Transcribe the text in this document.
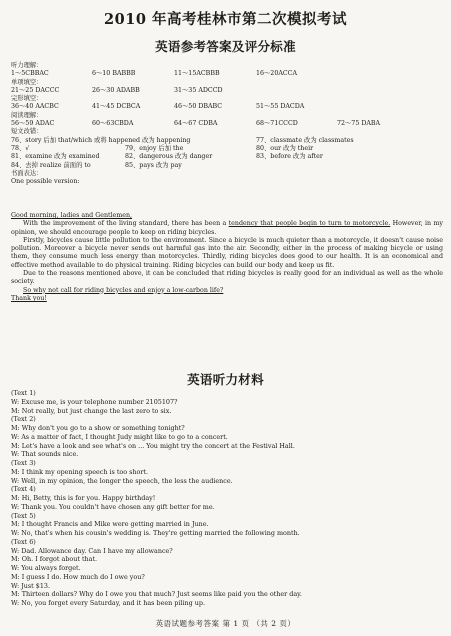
2010 年高考桂林市第二次模拟考试
英语参考答案及评分标准
听力理解：
1～5CBBAC	6～10 BABBB	11～15ACBBB	16～20ACCA
单项填空：
21～25 DACCC	26～30 ADABB	31～35 ADCCD
完形填空：
36～40 AACBC	41～45 DCBCA	46～50 DBABC	51～55 DACDA
阅读理解：
56～59 ADAC	60～63CBDA	64～67 CDBA	68～71CCCD	72～75 DABA
短文改错：
76、story 后加 that/which 或将 happened 改为 happening	77、classmate 改为 classmates
78、√	79、enjoy 后加 the	80、our 改为 their
81、examine 改为 examined	82、dangerous 改为 danger	83、before 改为 after
84、去掉 realize 前面的 to	85、pays 改为 pay
书面表达：
One possible version:
Good morning, ladies and Gentlemen,
With the improvement of the living standard, there has been a tendency that people begin to turn to motorcycle. However, in my opinion, we should encourage people to keep on riding bicycles.
Firstly, bicycles cause little pollution to the environment. Since a bicycle is much quieter than a motorcycle, it doesn't cause noise pollution. Moreover a bicycle never sends out harmful gas into the air. Secondly, either in the process of making bicycle or using them, they consume much less energy than motorcycles. Thirdly, riding bicycles does good to our health. It is an economical and effective method available to do physical training. Riding bicycles can build our body and keep us fit.
Due to the reasons mentioned above, it can be concluded that riding bicycles is really good for an individual as well as the whole society.
So why not call for riding bicycles and enjoy a low-carbon life?
Thank you!
英语听力材料
(Text 1)
W: Excuse me, is your telephone number 2105107?
M: Not really, but just change the last zero to six.
(Text 2)
M: Why don't you go to a show or something tonight?
W: As a matter of fact, I thought Judy might like to go to a concert.
M: Let's have a look and see what's on ... You might try the concert at the Festival Hall.
W: That sounds nice.
(Text 3)
M: I think my opening speech is too short.
W: Well, in my opinion, the longer the speech, the less the audience.
(Text 4)
M: Hi, Betty, this is for you. Happy birthday!
W: Thank you. You couldn't have chosen any gift better for me.
(Text 5)
M: I thought Francis and Mike were getting married in June.
W: No, that's when his cousin's wedding is. They're getting married the following month.
(Text 6)
W: Dad. Allowance day. Can I have my allowance?
M: Oh. I forgot about that.
W: You always forget.
M: I guess I do. How much do I owe you?
W: Just $13.
M: Thirteen dollars? Why do I owe you that much? Just seems like paid you the other day.
W: No, you forget every Saturday, and it has been piling up.
英语试题参考答案 第 1 页 （共 2 页）
